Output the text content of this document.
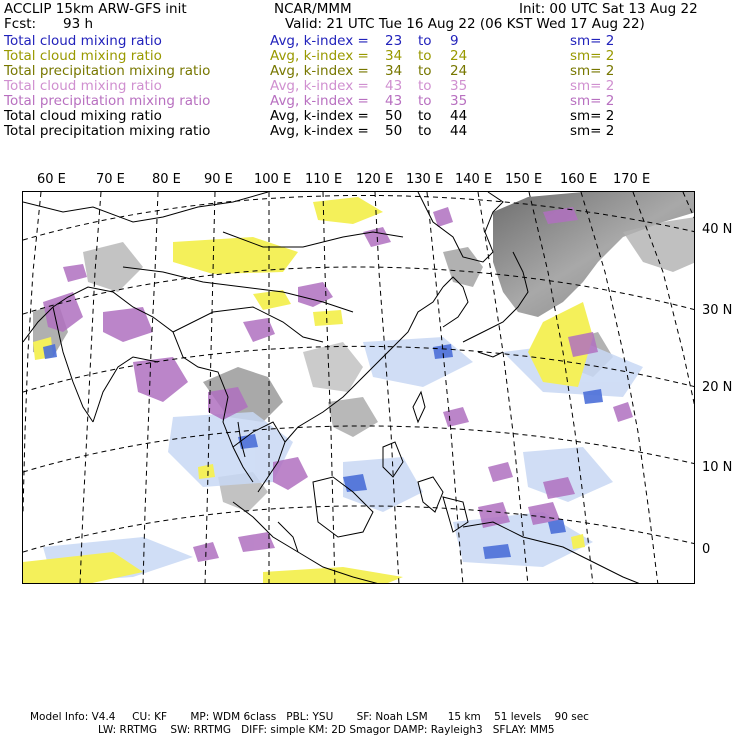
ACCLIP 15km ARW-GFS init	NCAR/MMM	Init: 00 UTC Sat 13 Aug 22
Fcst: 93 h	Valid: 21 UTC Tue 16 Aug 22 (06 KST Wed 17 Aug 22)
Total cloud mixing ratio	Avg, k-index = 23 to 9	sm= 2
Total cloud mixing ratio	Avg, k-index = 34 to 24	sm= 2
Total precipitation mixing ratio	Avg, k-index = 34 to 24	sm= 2
Total cloud mixing ratio	Avg, k-index = 43 to 35	sm= 2
Total precipitation mixing ratio	Avg, k-index = 43 to 35	sm= 2
Total cloud mixing ratio	Avg, k-index = 50 to 44	sm= 2
Total precipitation mixing ratio	Avg, k-index = 50 to 44	sm= 2
60 E 70 E 80 E 90 E 100 E 110 E 120 E 130 E 140 E 150 E 160 E 170 E
40 N
30 N
20 N
10 N
0
Model Info: V4.4     CU: KF       MP: WDM 6class   PBL: YSU       SF: Noah LSM      15 km    51 levels    90 sec
LW: RRTMG    SW: RRTMG   DIFF: simple KM: 2D Smagor DAMP: Rayleigh3   SFLAY: MM5
